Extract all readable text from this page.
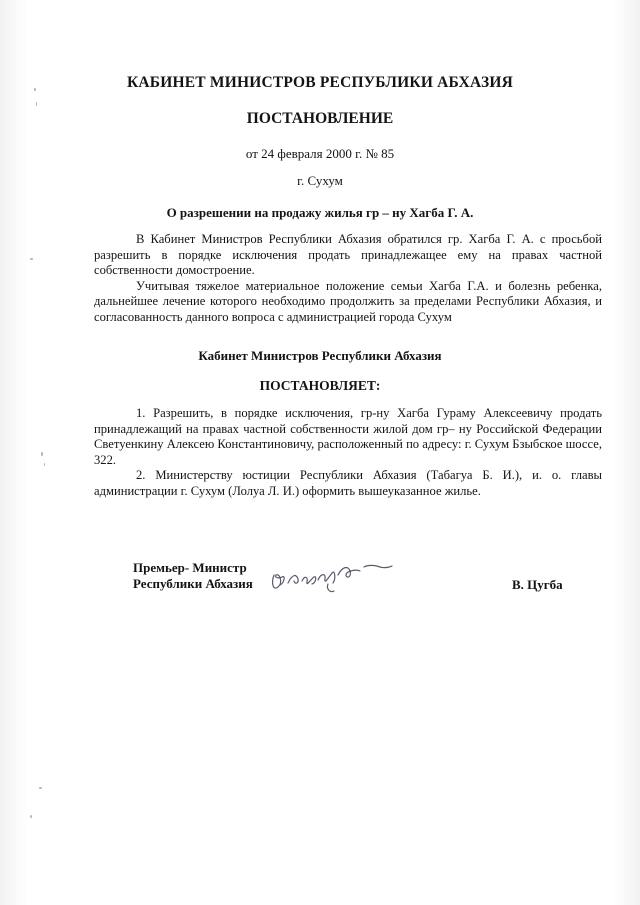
КАБИНЕТ МИНИСТРОВ РЕСПУБЛИКИ АБХАЗИЯ
ПОСТАНОВЛЕНИЕ
от 24 февраля 2000 г. № 85
г. Сухум
О разрешении на продажу жилья гр – ну Хагба Г. А.

В Кабинет Министров Республики Абхазия обратился гр. Хагба Г. А. с просьбой разрешить в порядке исключения продать принадлежащее ему на правах частной собственности домостроение.

Учитывая тяжелое материальное положение семьи Хагба Г.А. и болезнь ребенка, дальнейшее лечение которого необходимо продолжить за пределами Республики Абхазия, и согласованность данного вопроса с администрацией города Сухум

Кабинет Министров Республики Абхазия
ПОСТАНОВЛЯЕТ:

1. Разрешить, в порядке исключения, гр-ну Хагба Гураму Алексеевичу продать принадлежащий на правах частной собственности жилой дом гр– ну Российской Федерации Светуенкину Алексею Константиновичу, расположенный по адресу: г. Сухум Бзыбское шоссе, 322.

2. Министерству юстиции Республики Абхазия (Табагуа Б. И.), и. о. главы администрации г. Сухум (Лолуа Л. И.) оформить вышеуказанное жилье.

Премьер- Министр
Республики Абхазия	В. Цугба
